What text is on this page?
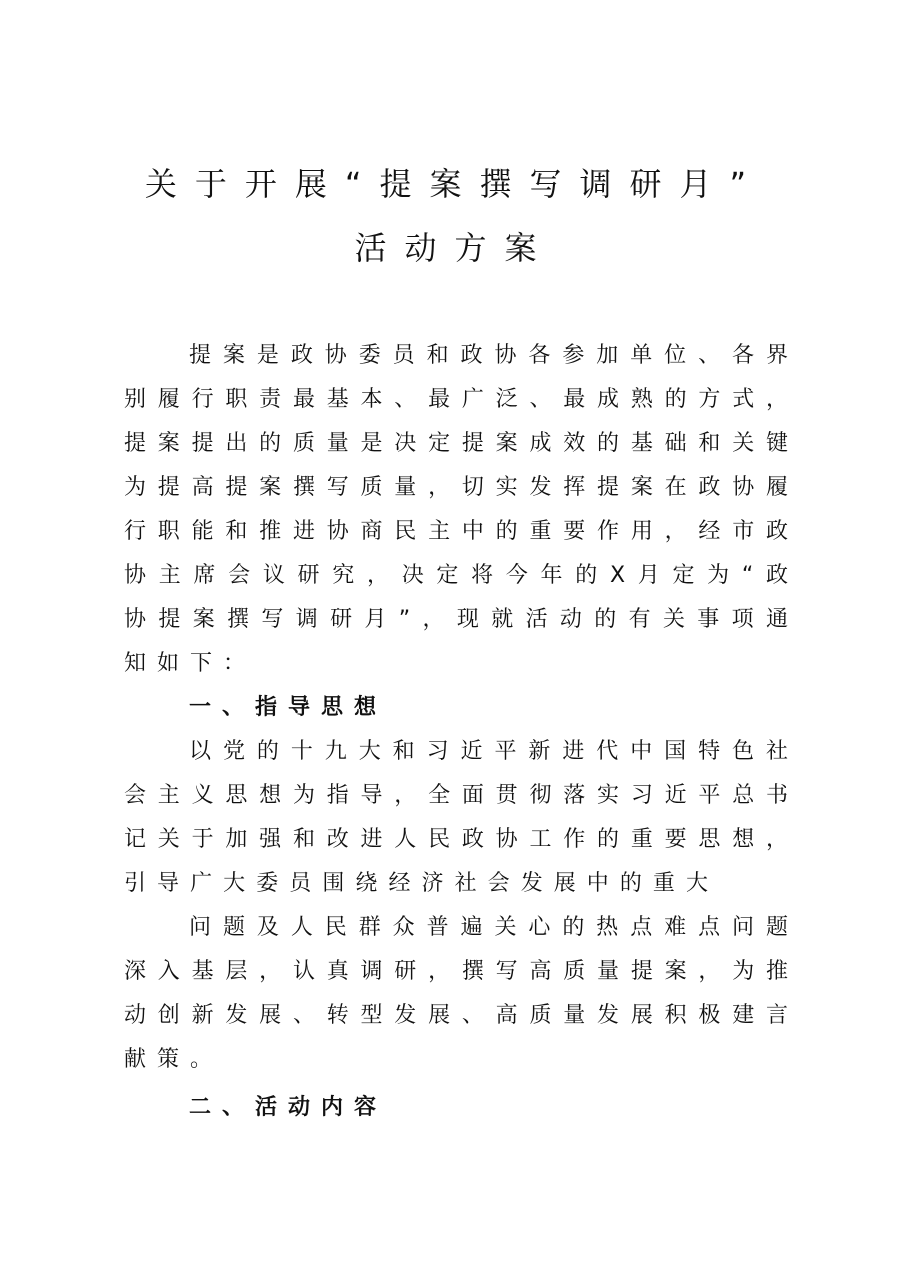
关于开展“提案撰写调研月”
活动方案
提案是政协委员和政协各参加单位、各界
别履行职责最基本、最广泛、最成熟的方式，
提案提出的质量是决定提案成效的基础和关键
为提高提案撰写质量，切实发挥提案在政协履
行职能和推进协商民主中的重要作用，经市政
协主席会议研究，决定将今年的X月定为“政
协提案撰写调研月”，现就活动的有关事项通
知如下：
一、指导思想
以党的十九大和习近平新进代中国特色社
会主义思想为指导，全面贯彻落实习近平总书
记关于加强和改进人民政协工作的重要思想，
引导广大委员围绕经济社会发展中的重大
问题及人民群众普遍关心的热点难点问题
深入基层，认真调研，撰写高质量提案，为推
动创新发展、转型发展、高质量发展积极建言
献策。
二、活动内容
